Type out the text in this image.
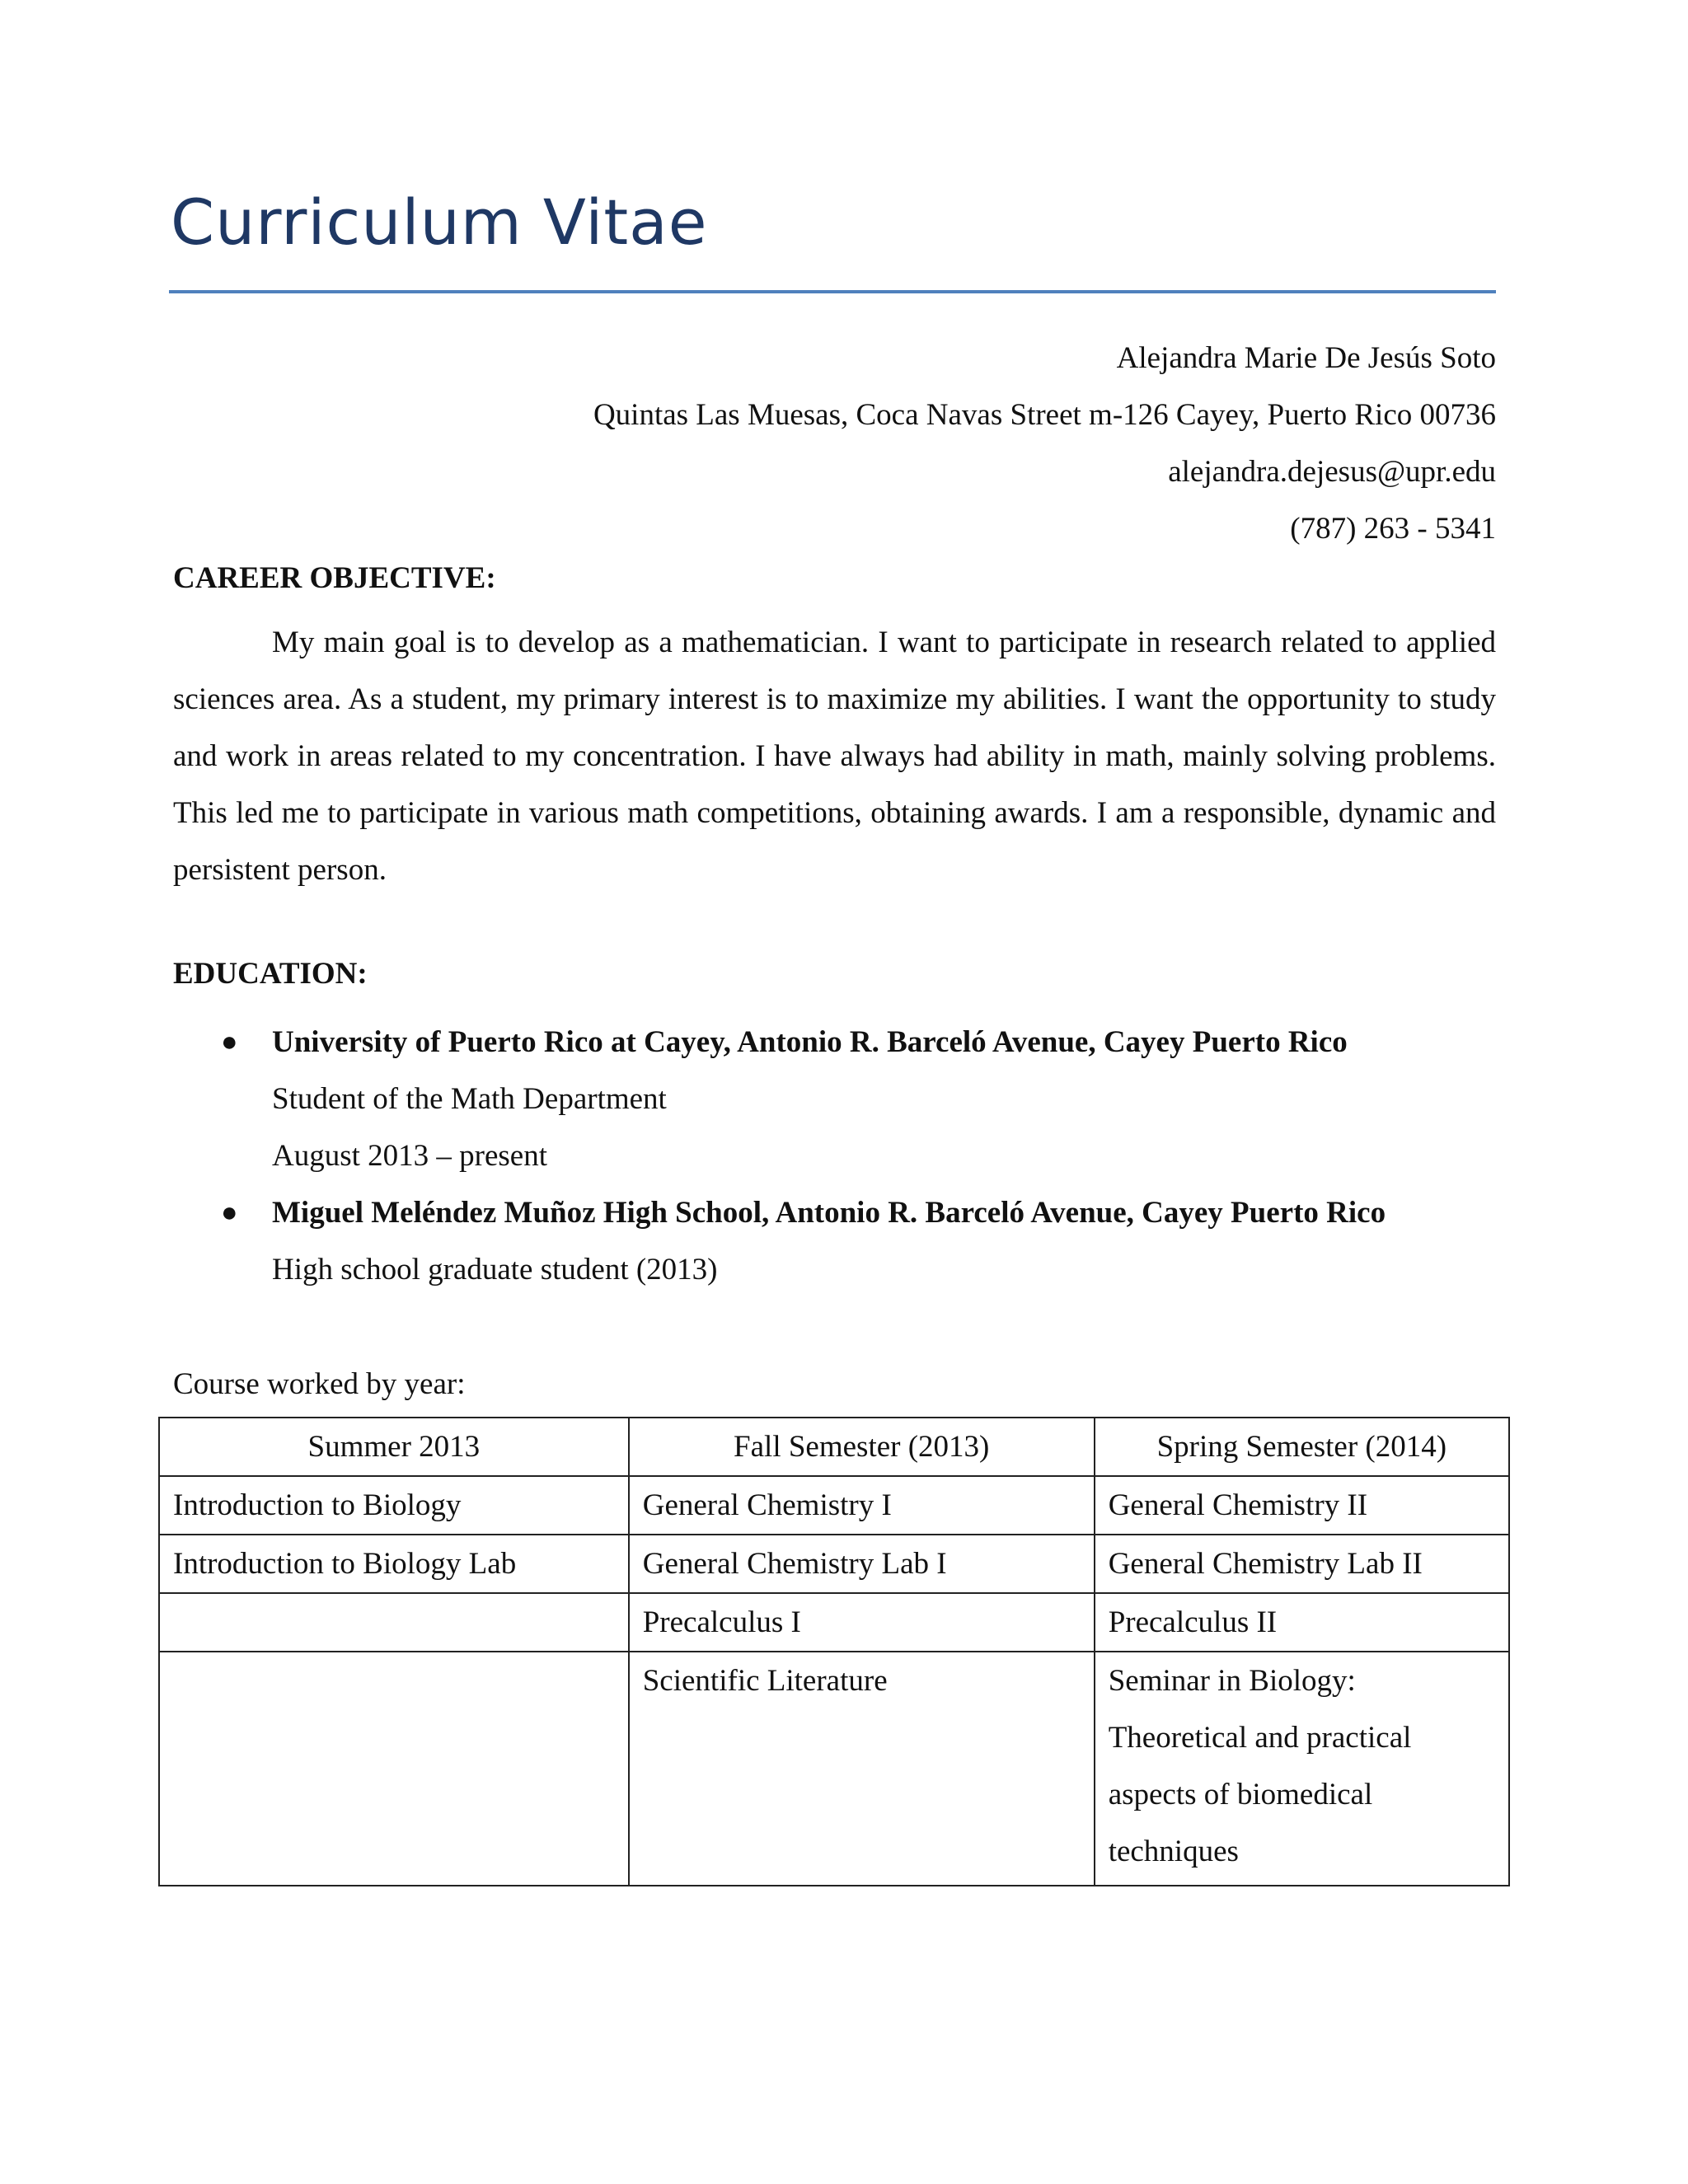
Curriculum Vitae
Alejandra Marie De Jesús Soto
Quintas Las Muesas, Coca Navas Street m-126 Cayey, Puerto Rico 00736
alejandra.dejesus@upr.edu
(787) 263 - 5341
CAREER OBJECTIVE:

My main goal is to develop as a mathematician. I want to participate in research related to applied sciences area. As a student, my primary interest is to maximize my abilities. I want the opportunity to study and work in areas related to my concentration. I have always had ability in math, mainly solving problems. This led me to participate in various math competitions, obtaining awards. I am a responsible, dynamic and persistent person.

EDUCATION:
● University of Puerto Rico at Cayey, Antonio R. Barceló Avenue, Cayey Puerto Rico
Student of the Math Department
August 2013 – present
● Miguel Meléndez Muñoz High School, Antonio R. Barceló Avenue, Cayey Puerto Rico
High school graduate student (2013)
Course worked by year:
Summer 2013	Fall Semester (2013)	Spring Semester (2014)
Introduction to Biology	General Chemistry I	General Chemistry II
Introduction to Biology Lab	General Chemistry Lab I	General Chemistry Lab II
	Precalculus I	Precalculus II
	Scientific Literature	Seminar in Biology: Theoretical and practical aspects of biomedical techniques
